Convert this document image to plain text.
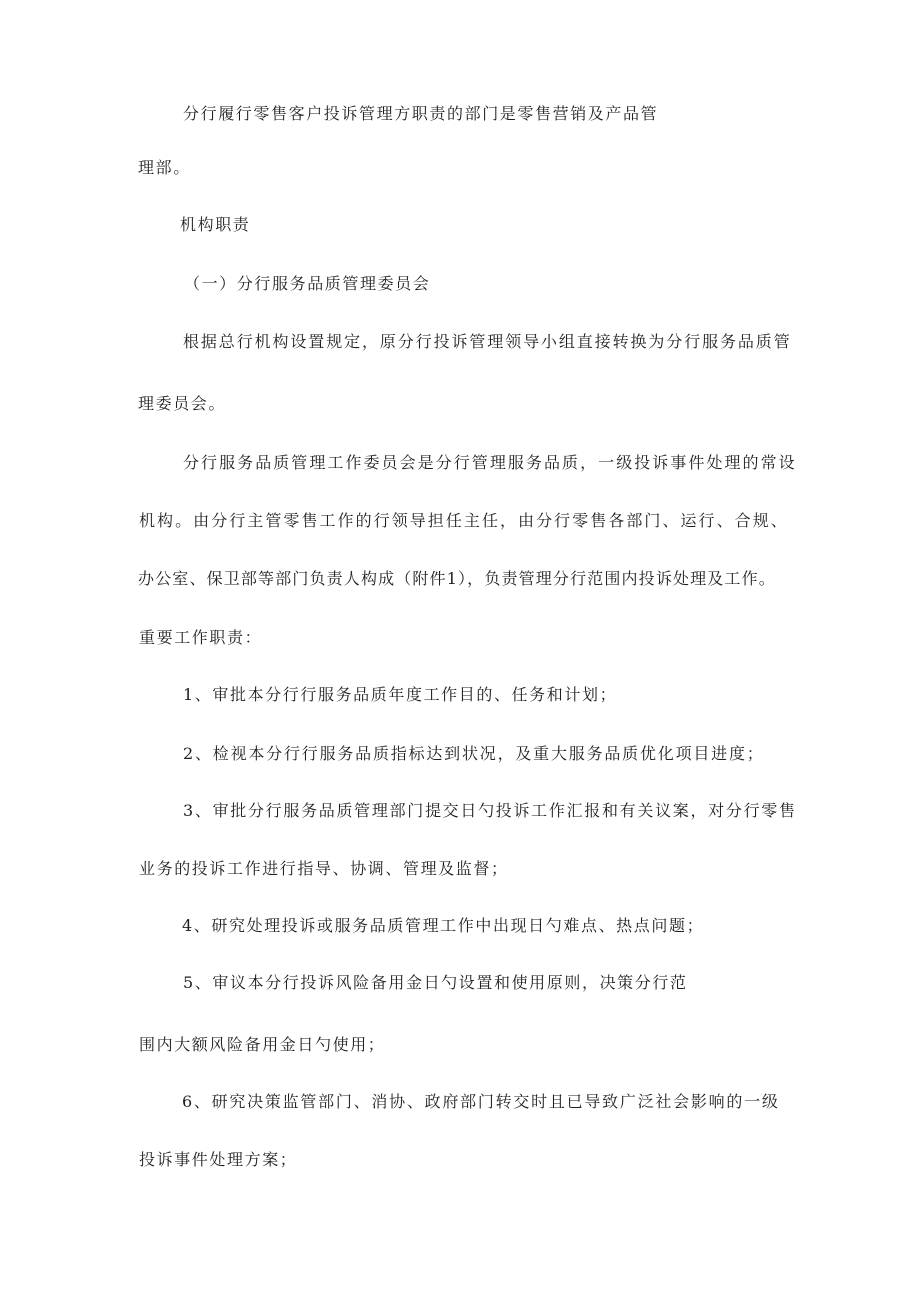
分行履行零售客户投诉管理方职责的部门是零售营销及产品管

理部。

机构职责

（一）分行服务品质管理委员会

根据总行机构设置规定，原分行投诉管理领导小组直接转换为分行服务品质管

理委员会。

分行服务品质管理工作委员会是分行管理服务品质，一级投诉事件处理的常设

机构。由分行主管零售工作的行领导担任主任，由分行零售各部门、运行、合规、

办公室、保卫部等部门负责人构成（附件1），负责管理分行范围内投诉处理及工作。

重要工作职责：

1、审批本分行行服务品质年度工作目的、任务和计划；

2、检视本分行行服务品质指标达到状况，及重大服务品质优化项目进度；

3、审批分行服务品质管理部门提交日勺投诉工作汇报和有关议案，对分行零售

业务的投诉工作进行指导、协调、管理及监督；

4、研究处理投诉或服务品质管理工作中出现日勺难点、热点问题；

5、审议本分行投诉风险备用金日勺设置和使用原则，决策分行范

围内大额风险备用金日勺使用；

6、研究决策监管部门、消协、政府部门转交时且已导致广泛社会影响的一级

投诉事件处理方案；
